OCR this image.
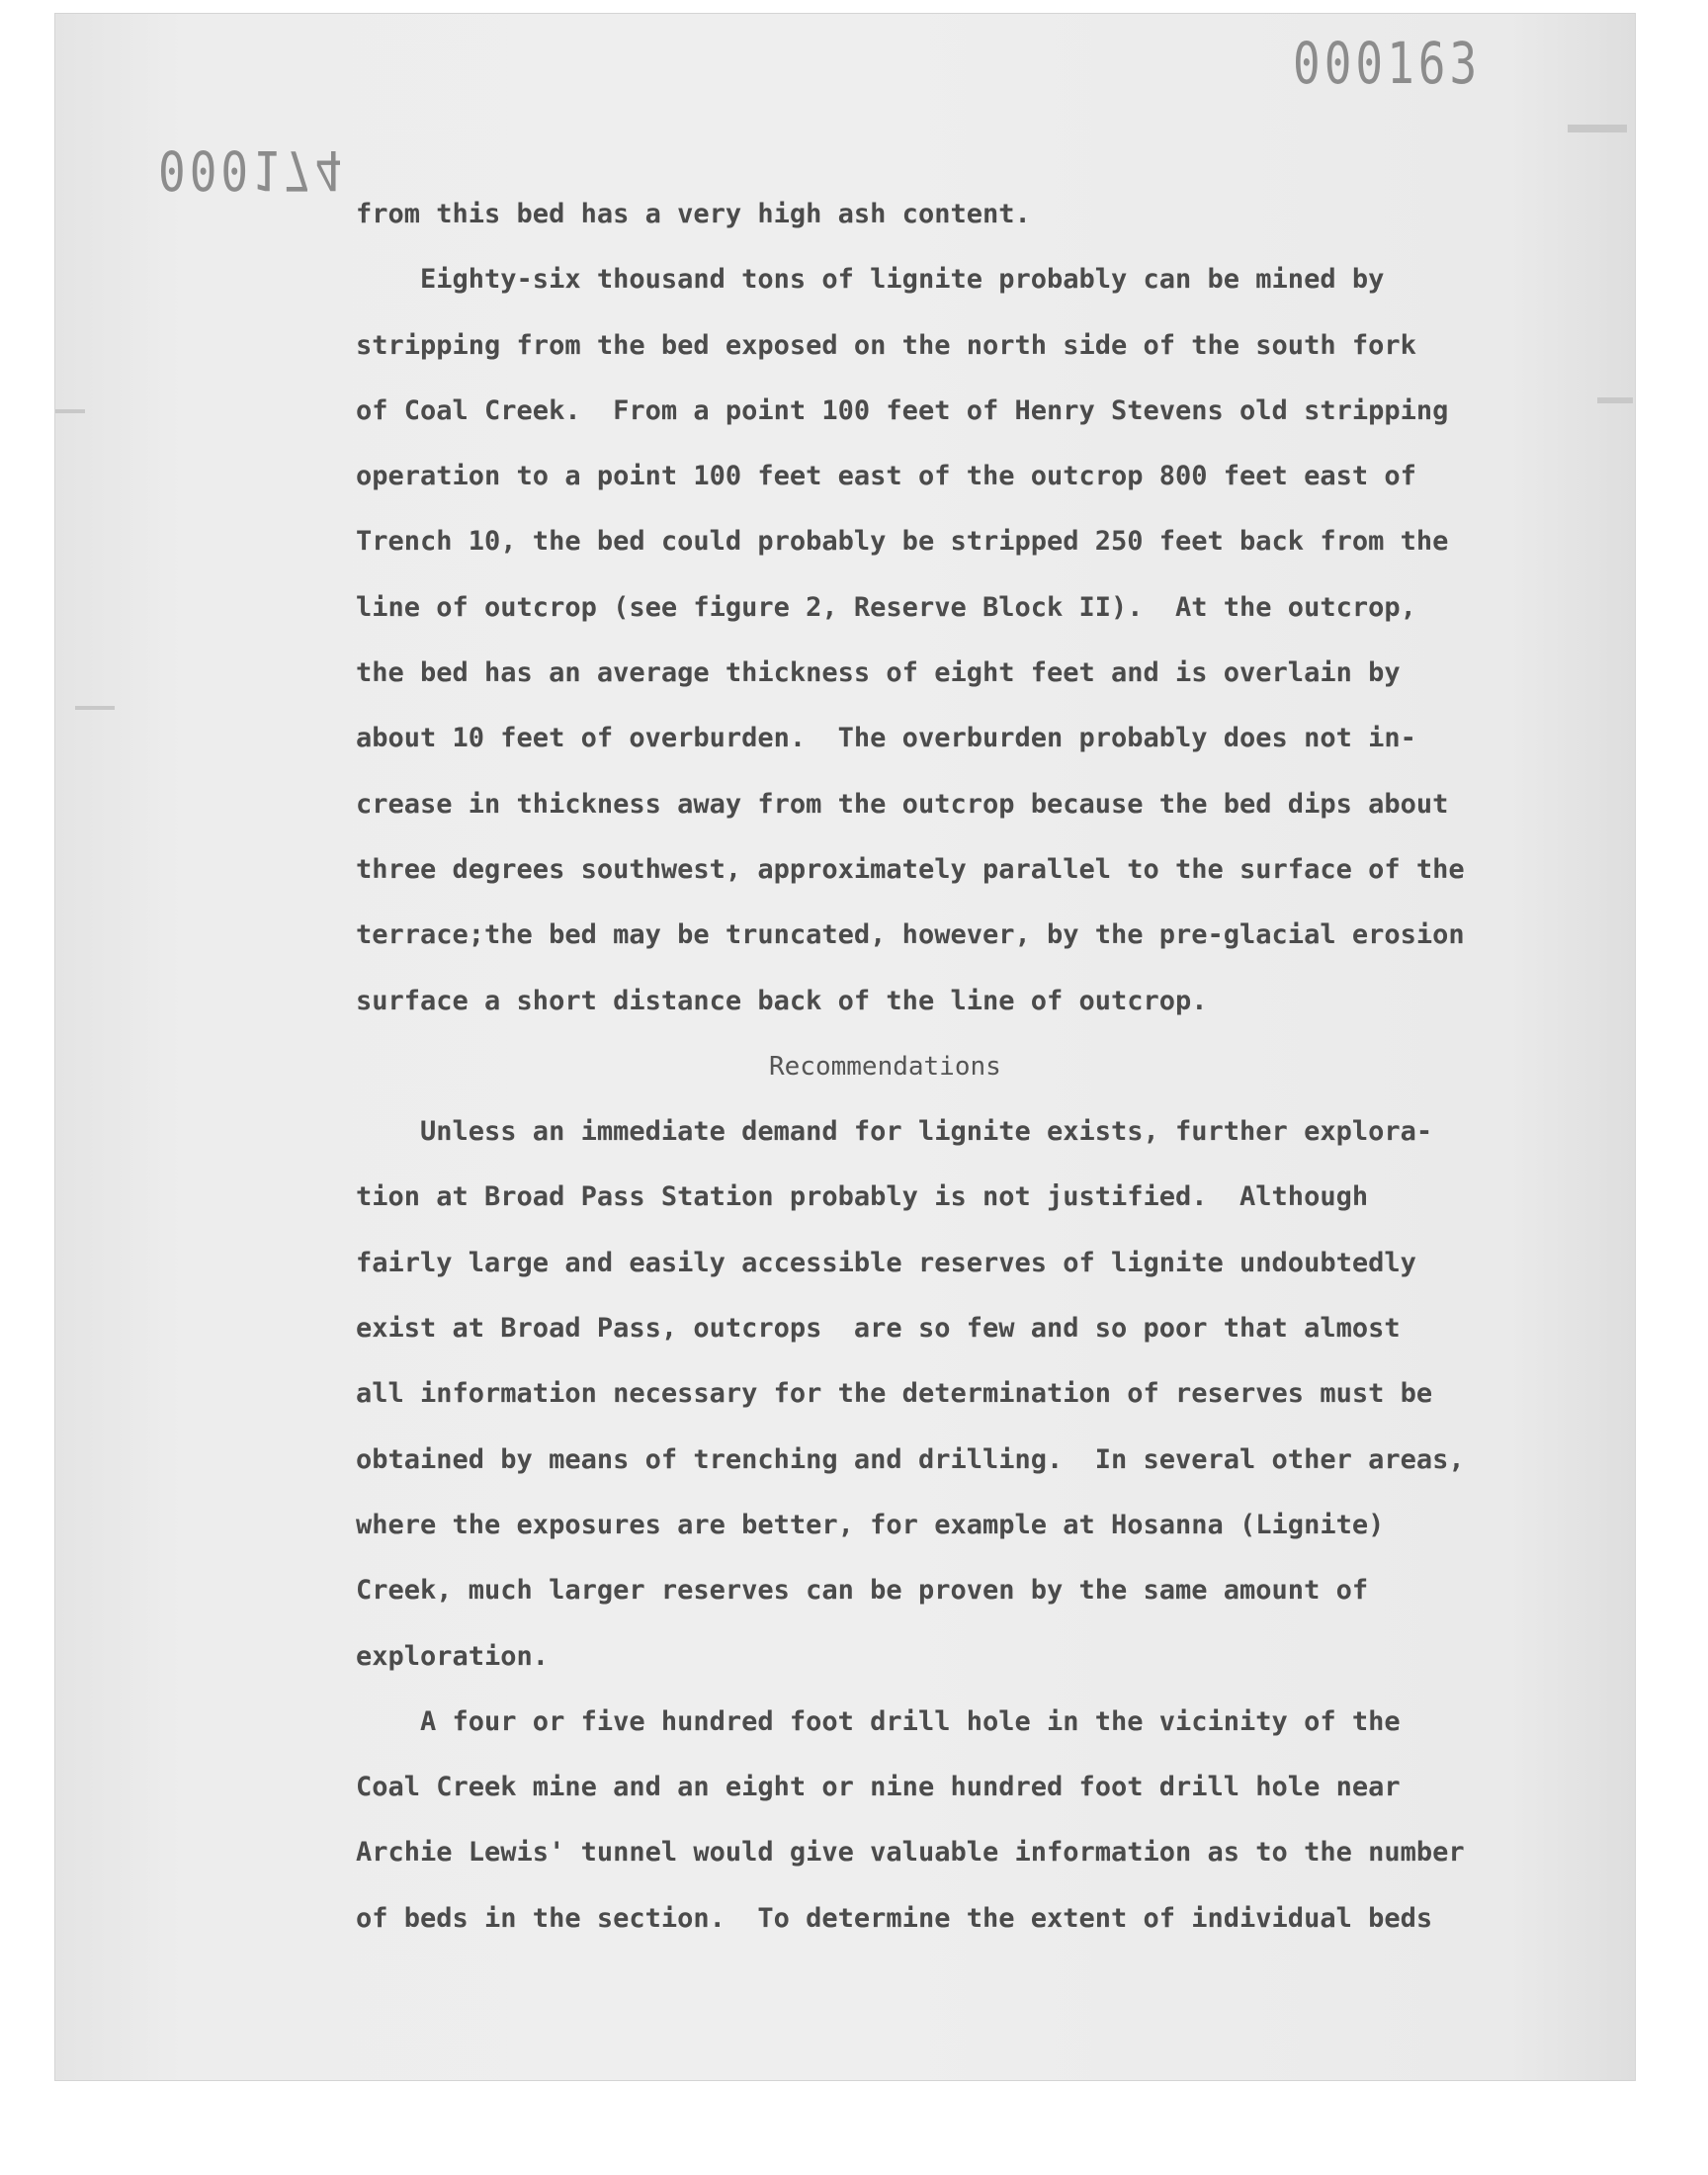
000163
000174
from this bed has a very high ash content.
Eighty-six thousand tons of lignite probably can be mined by
stripping from the bed exposed on the north side of the south fork
of Coal Creek.  From a point 100 feet of Henry Stevens old stripping
operation to a point 100 feet east of the outcrop 800 feet east of
Trench 10, the bed could probably be stripped 250 feet back from the
line of outcrop (see figure 2, Reserve Block II).  At the outcrop,
the bed has an average thickness of eight feet and is overlain by
about 10 feet of overburden.  The overburden probably does not in-
crease in thickness away from the outcrop because the bed dips about
three degrees southwest, approximately parallel to the surface of the
terrace;the bed may be truncated, however, by the pre-glacial erosion
surface a short distance back of the line of outcrop.
Recommendations
Unless an immediate demand for lignite exists, further explora-
tion at Broad Pass Station probably is not justified.  Although
fairly large and easily accessible reserves of lignite undoubtedly
exist at Broad Pass, outcrops  are so few and so poor that almost
all information necessary for the determination of reserves must be
obtained by means of trenching and drilling.  In several other areas,
where the exposures are better, for example at Hosanna (Lignite)
Creek, much larger reserves can be proven by the same amount of
exploration.
A four or five hundred foot drill hole in the vicinity of the
Coal Creek mine and an eight or nine hundred foot drill hole near
Archie Lewis' tunnel would give valuable information as to the number
of beds in the section.  To determine the extent of individual beds
